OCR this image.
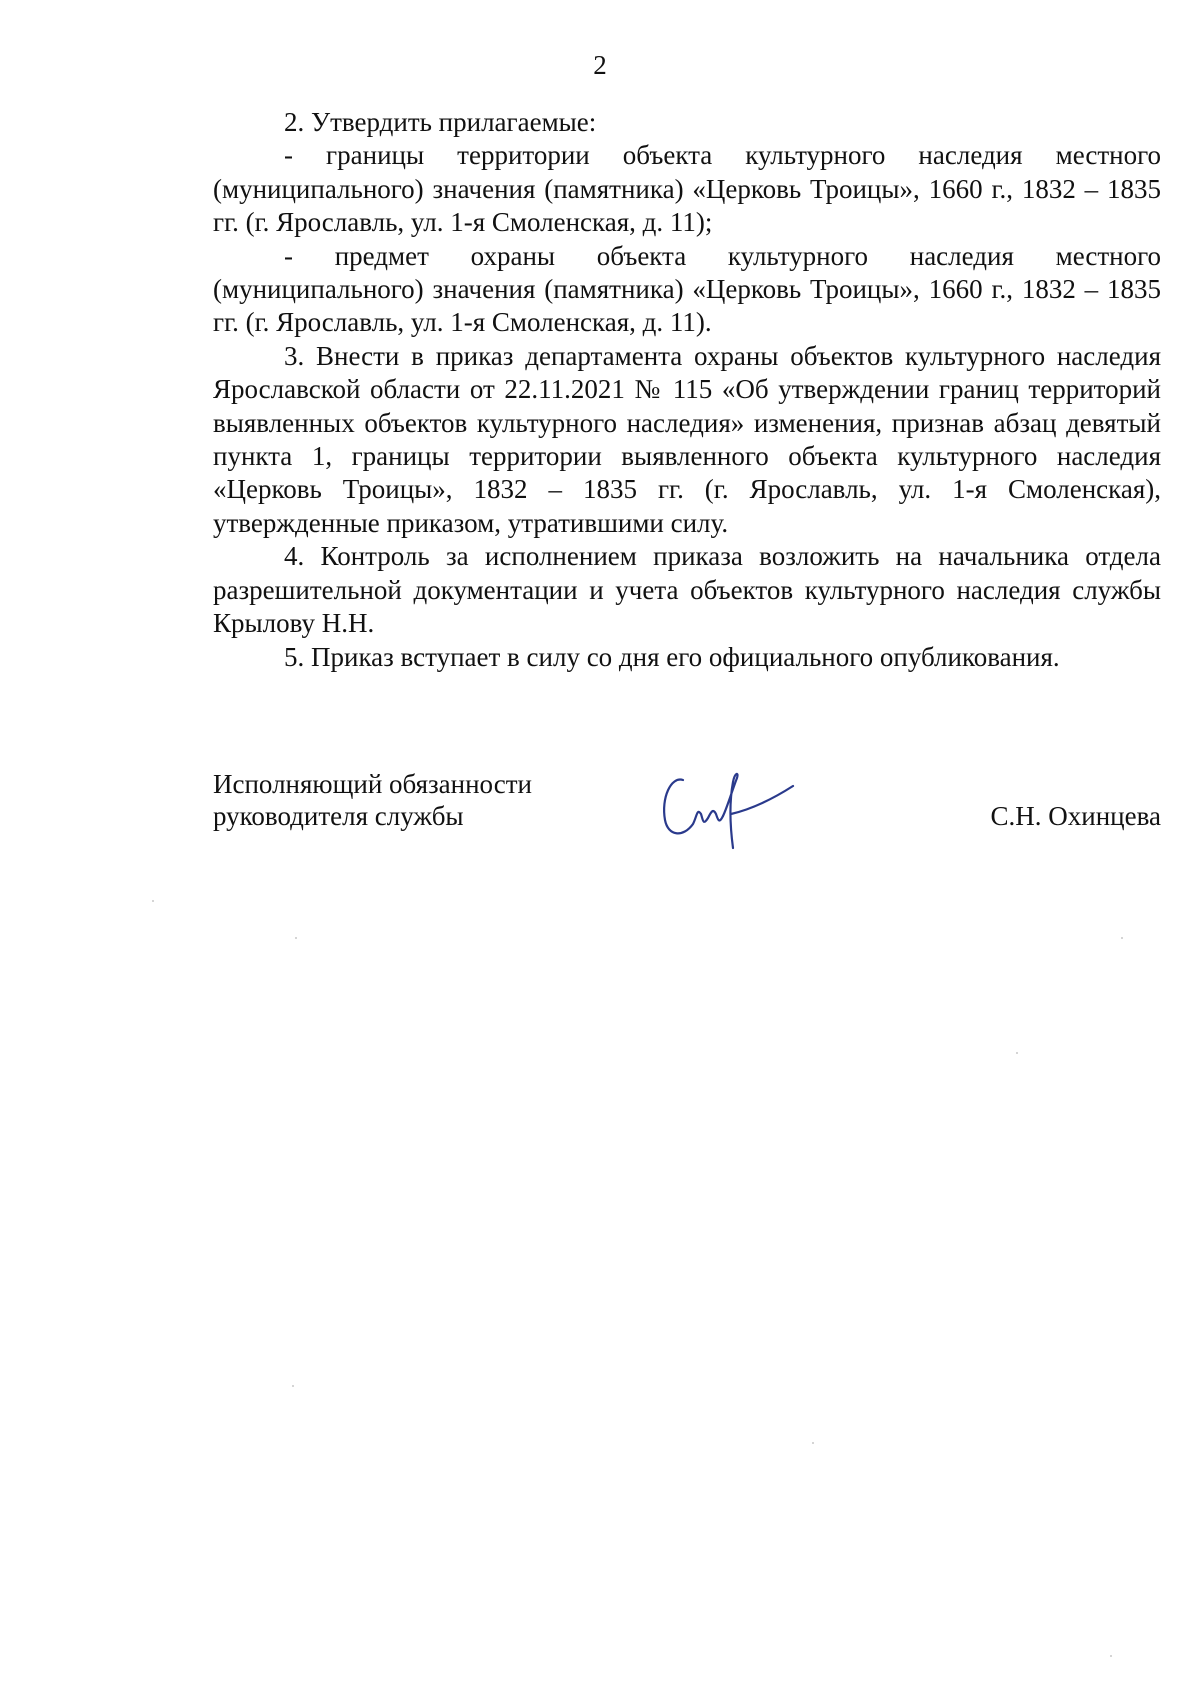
2

2. Утвердить прилагаемые:

- границы территории объекта культурного наследия местного (муниципального) значения (памятника) «Церковь Троицы», 1660 г., 1832 – 1835 гг. (г. Ярославль, ул. 1-я Смоленская, д. 11);

- предмет охраны объекта культурного наследия местного (муниципального) значения (памятника) «Церковь Троицы», 1660 г., 1832 – 1835 гг. (г. Ярославль, ул. 1-я Смоленская, д. 11).

3. Внести в приказ департамента охраны объектов культурного наследия Ярославской области от 22.11.2021 № 115 «Об утверждении границ территорий выявленных объектов культурного наследия» изменения, признав абзац девятый пункта 1, границы территории выявленного объекта культурного наследия «Церковь Троицы», 1832 – 1835 гг. (г. Ярославль, ул. 1-я Смоленская), утвержденные приказом, утратившими силу.

4. Контроль за исполнением приказа возложить на начальника отдела разрешительной документации и учета объектов культурного наследия службы Крылову Н.Н.

5. Приказ вступает в силу со дня его официального опубликования.

Исполняющий обязанности
руководителя службы	С.Н. Охинцева
